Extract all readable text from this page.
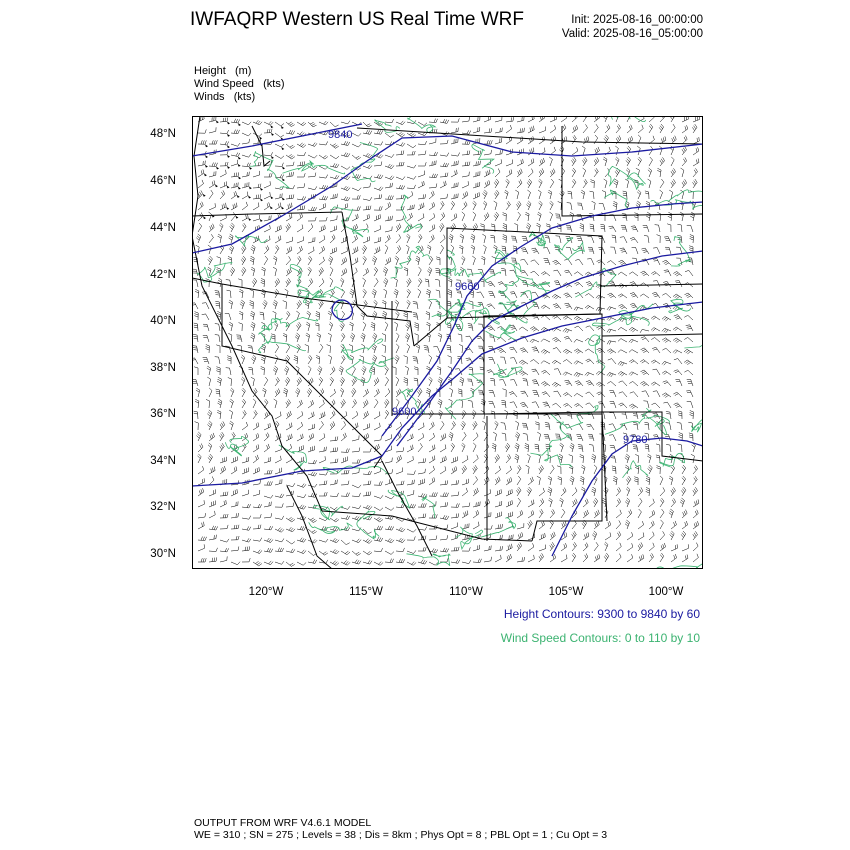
IWFAQRP Western US Real Time WRF	Init: 2025-08-16_00:00:00
Valid: 2025-08-16_05:00:00
Height   (m)
Wind Speed   (kts)
Winds   (kts)
48°N
46°N
44°N
42°N
40°N
38°N
36°N
34°N
32°N
30°N
120°W	115°W	110°W	105°W	100°W
9840
9660
9600
9780
Height Contours: 9300 to 9840 by 60
Wind Speed Contours: 0 to 110 by 10
OUTPUT FROM WRF V4.6.1 MODEL
WE = 310 ; SN = 275 ; Levels = 38 ; Dis = 8km ; Phys Opt = 8 ; PBL Opt = 1 ; Cu Opt = 3
